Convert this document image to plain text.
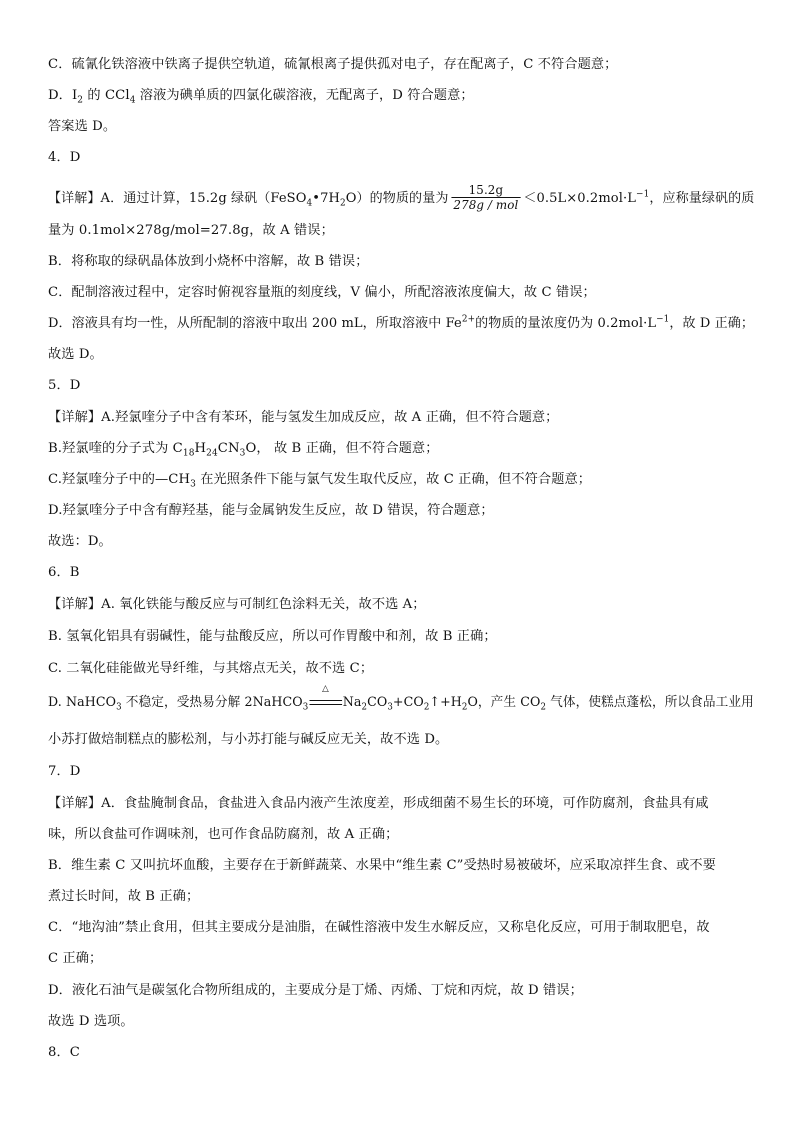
C．硫氰化铁溶液中铁离子提供空轨道，硫氰根离子提供孤对电子，存在配离子，C 不符合题意；
D．$I_2$ 的 CCl$_4$ 溶液为碘单质的四氯化碳溶液，无配离子，D 符合题意；
答案选 D。
4．D
【详解】A．通过计算，15.2g 绿矾$(FeSO_4•7H_2O)$的物质的量为 $\frac{15.2g}{\text{278g / mol}} <0.5L\times 0.2mol\cdot L^{-1}$，应称量绿矾的质
量为 0.1mol×278g/mol=27.8g，故 A 错误；
B．将称取的绿矾晶体放到小烧杯中溶解，故 B 错误；
C．配制溶液过程中，定容时俯视容量瓶的刻度线，V 偏小，所配溶液浓度偏大，故 C 错误；
D．溶液具有均一性，从所配制的溶液中取出 200 mL，所取溶液中 $Fe^{2+}$的物质的量浓度仍为 $0.2mol\cdot L^{-1}$，故 D 正确；
故选 D。
5．D
【详解】A.羟氯喹分子中含有苯环，能与氢发生加成反应，故 A 正确，但不符合题意；
B.羟氯喹的分子式为 $C_{18}H_{24}CN_3O$， 故 B 正确，但不符合题意；
C.羟氯喹分子中的$—CH_3$ 在光照条件下能与氯气发生取代反应，故 C 正确，但不符合题意；
D.羟氯喹分子中含有醇羟基，能与金属钠发生反应，故 D 错误，符合题意；
故选：D。
6．B
【详解】A. 氧化铁能与酸反应与可制红色涂料无关，故不选 A；
B. 氢氧化铝具有弱碱性，能与盐酸反应，所以可作胃酸中和剂，故 B 正确；
C. 二氧化硅能做光导纤维，与其熔点无关，故不选 C；
D. NaHCO$_3$ 不稳定，受热易分解 2NaHCO$_3$
△
$Na_2CO_3+CO_2↑+H_2O$，产生 $CO_2$ 气体，使糕点蓬松，所以食品工业用
小苏打做焙制糕点的膨松剂，与小苏打能与碱反应无关，故不选 D。
7．D
【详解】A．食盐腌制食品，食盐进入食品内液产生浓度差，形成细菌不易生长的环境，可作防腐剂，食盐具有咸
味，所以食盐可作调味剂，也可作食品防腐剂，故 A 正确；
B．维生素 C 又叫抗坏血酸，主要存在于新鲜蔬菜、水果中“维生素 C”受热时易被破坏，应采取凉拌生食、或不要
煮过长时间，故 B 正确；
C．“地沟油”禁止食用，但其主要成分是油脂，在碱性溶液中发生水解反应，又称皂化反应，可用于制取肥皂，故
C 正确；
D．液化石油气是碳氢化合物所组成的，主要成分是丁烯、丙烯、丁烷和丙烷，故 D 错误；
故选 D 选项。
8．C
